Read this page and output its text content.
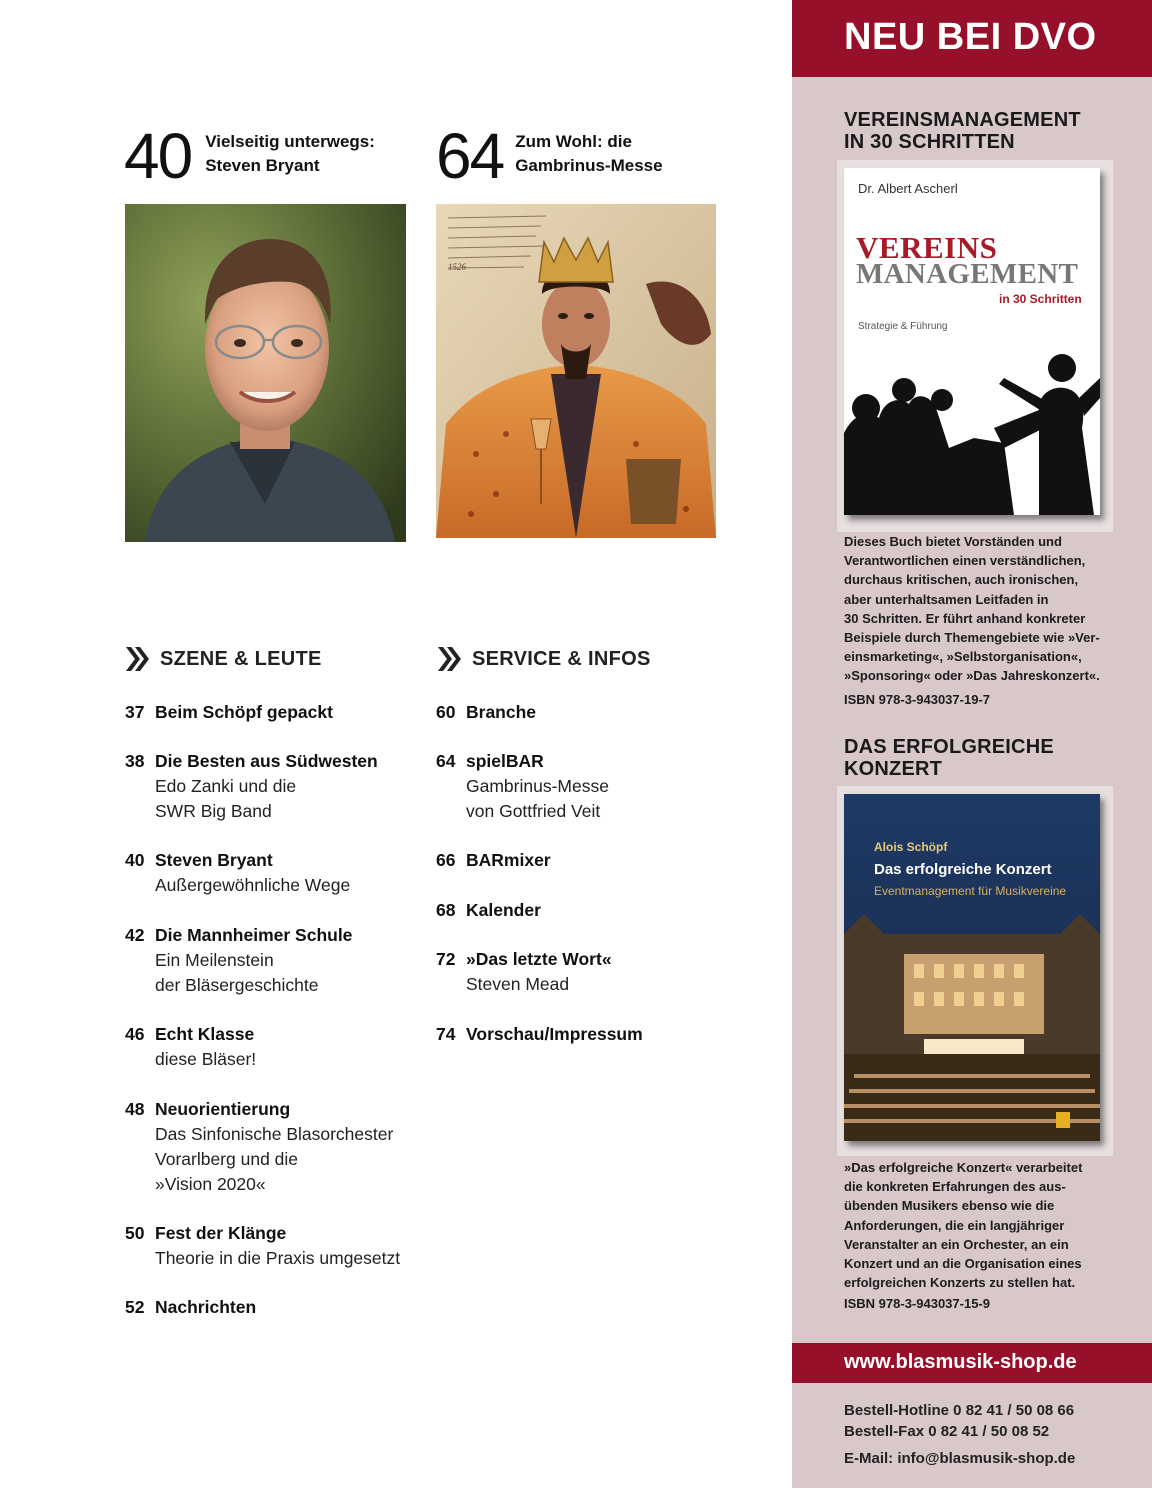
40 Vielseitig unterwegs:
Steven Bryant	64 Zum Wohl: die
Gambrinus-Messe
1526
SZENE & LEUTE
37 Beim Schöpf gepackt
38 Die Besten aus Südwesten
Edo Zanki und die
SWR Big Band
40 Steven Bryant
Außergewöhnliche Wege
42 Die Mannheimer Schule
Ein Meilenstein
der Bläsergeschichte
46 Echt Klasse
diese Bläser!
48 Neuorientierung
Das Sinfonische Blasorchester
Vorarlberg und die
»Vision 2020«
50 Fest der Klänge
Theorie in die Praxis umgesetzt
52 Nachrichten
SERVICE & INFOS
60 Branche
64 spielBAR
Gambrinus-Messe
von Gottfried Veit
66 BARmixer
68 Kalender
72 »Das letzte Wort«
Steven Mead
74 Vorschau/Impressum
NEU BEI DVO
VEREINSMANAGEMENT
IN 30 SCHRITTEN
Dr. Albert Ascherl
VEREINS
MANAGEMENT
in 30 Schritten
Strategie & Führung
Dieses Buch bietet Vorständen und
Verantwortlichen einen verständlichen,
durchaus kritischen, auch ironischen,
aber unterhaltsamen Leitfaden in
30 Schritten. Er führt anhand konkreter
Beispiele durch Themengebiete wie »Ver-
einsmarketing«, »Selbstorganisation«,
»Sponsoring« oder »Das Jahreskonzert«.
ISBN 978-3-943037-19-7
DAS ERFOLGREICHE
KONZERT
Alois Schöpf
Das erfolgreiche Konzert
Eventmanagement für Musikvereine
»Das erfolgreiche Konzert« verarbeitet
die konkreten Erfahrungen des aus-
übenden Musikers ebenso wie die
Anforderungen, die ein langjähriger
Veranstalter an ein Orchester, an ein
Konzert und an die Organisation eines
erfolgreichen Konzerts zu stellen hat.
ISBN 978-3-943037-15-9
www.blasmusik-shop.de
Bestell-Hotline 0 82 41 / 50 08 66
Bestell-Fax 0 82 41 / 50 08 52
E-Mail: info@blasmusik-shop.de
